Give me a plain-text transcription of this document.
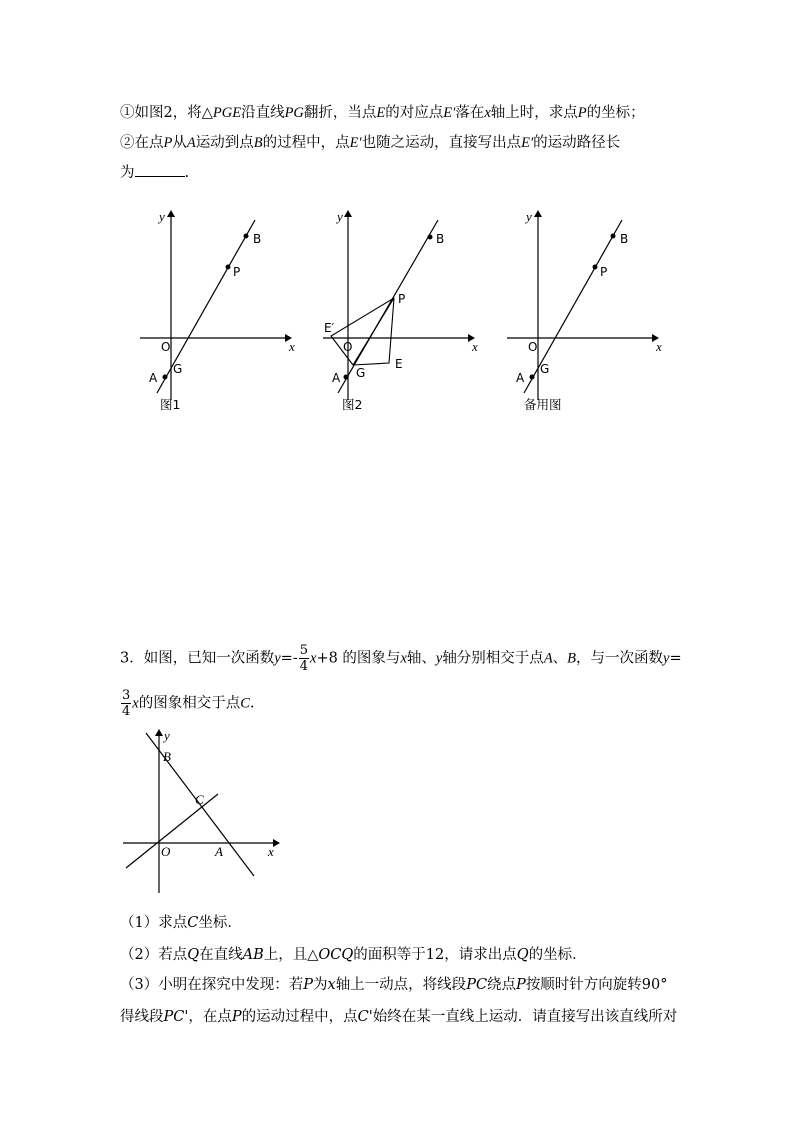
①如图2，将△PGE沿直线PG翻折，当点E的对应点E′落在x轴上时，求点P的坐标；
②在点P从A运动到点B的过程中，点E′也随之运动，直接写出点E′的运动路径长
为	.
y
x
O
B
P
A
G
图1
y
x
O
B
P
E
E′
A G
图2
y
x
O
B
P
A
G
备用图
3．如图，已知一次函数$y=- \frac{5}{4} x+8$ 的图象与x轴、y轴分别相交于点A、B，与一次函数y=
$\frac{3}{4}$ x的图象相交于点C.
y
x
O
B
C
A
（1）求点C坐标．
（2）若点Q在直线AB上，且△OCQ的面积等于12，请求出点Q的坐标．
（3）小明在探究中发现：若P为x轴上一动点，将线段PC绕点P按顺时针方向旋转90°
得线段PC'，在点P的运动过程中，点C'始终在某一直线上运动．请直接写出该直线所对
